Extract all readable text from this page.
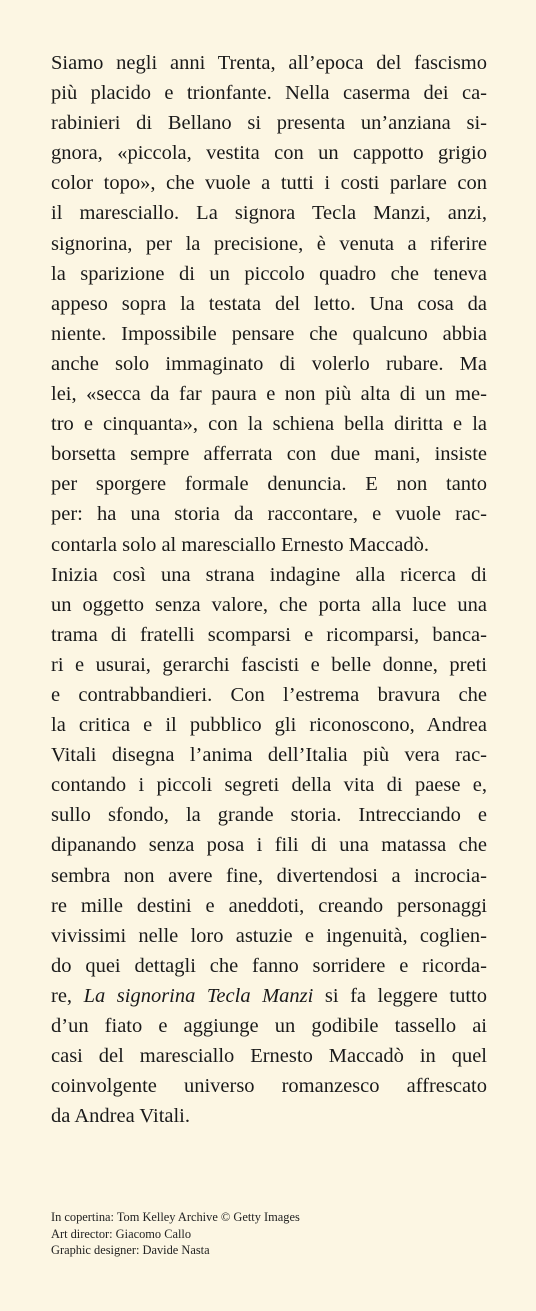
Siamo negli anni Trenta, all’epoca del fascismo
più placido e trionfante. Nella caserma dei ca-
rabinieri di Bellano si presenta un’anziana si-
gnora, «piccola, vestita con un cappotto grigio
color topo», che vuole a tutti i costi parlare con
il maresciallo. La signora Tecla Manzi, anzi,
signorina, per la precisione, è venuta a riferire
la sparizione di un piccolo quadro che teneva
appeso sopra la testata del letto. Una cosa da
niente. Impossibile pensare che qualcuno abbia
anche solo immaginato di volerlo rubare. Ma
lei, «secca da far paura e non più alta di un me-
tro e cinquanta», con la schiena bella diritta e la
borsetta sempre afferrata con due mani, insiste
per sporgere formale denuncia. E non tanto
per: ha una storia da raccontare, e vuole rac-
contarla solo al maresciallo Ernesto Maccadò.
Inizia così una strana indagine alla ricerca di
un oggetto senza valore, che porta alla luce una
trama di fratelli scomparsi e ricomparsi, banca-
ri e usurai, gerarchi fascisti e belle donne, preti
e contrabbandieri. Con l’estrema bravura che
la critica e il pubblico gli riconoscono, Andrea
Vitali disegna l’anima dell’Italia più vera rac-
contando i piccoli segreti della vita di paese e,
sullo sfondo, la grande storia. Intrecciando e
dipanando senza posa i fili di una matassa che
sembra non avere fine, divertendosi a incrocia-
re mille destini e aneddoti, creando personaggi
vivissimi nelle loro astuzie e ingenuità, coglien-
do quei dettagli che fanno sorridere e ricorda-
re, La signorina Tecla Manzi si fa leggere tutto
d’un fiato e aggiunge un godibile tassello ai
casi del maresciallo Ernesto Maccadò in quel
coinvolgente universo romanzesco affrescato
da Andrea Vitali.
In copertina: Tom Kelley Archive © Getty Images
Art director: Giacomo Callo
Graphic designer: Davide Nasta
